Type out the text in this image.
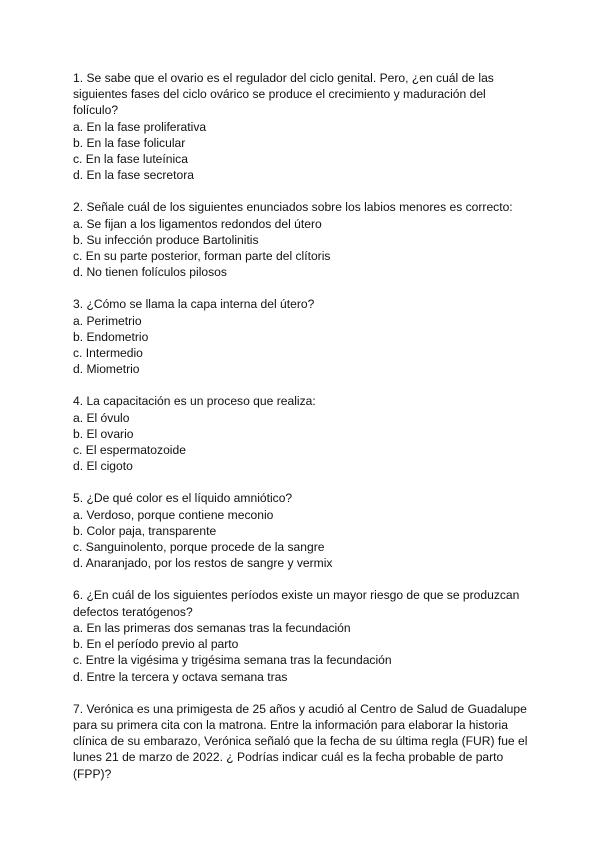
1. Se sabe que el ovario es el regulador del ciclo genital. Pero, ¿en cuál de las siguientes fases del ciclo ovárico se produce el crecimiento y maduración del folículo?

a. En la fase proliferativa
b. En la fase folicular
c. En la fase luteínica
d. En la fase secretora

2. Señale cuál de los siguientes enunciados sobre los labios menores es correcto:

a. Se fijan a los ligamentos redondos del útero
b. Su infección produce Bartolinitis
c. En su parte posterior, forman parte del clítoris
d. No tienen folículos pilosos

3. ¿Cómo se llama la capa interna del útero?

a. Perimetrio
b. Endometrio
c. Intermedio
d. Miometrio

4. La capacitación es un proceso que realiza:

a. El óvulo
b. El ovario
c. El espermatozoide
d. El cigoto

5. ¿De qué color es el líquido amniótico?

a. Verdoso, porque contiene meconio
b. Color paja, transparente
c. Sanguinolento, porque procede de la sangre
d. Anaranjado, por los restos de sangre y vermix

6. ¿En cuál de los siguientes períodos existe un mayor riesgo de que se produzcan defectos teratógenos?

a. En las primeras dos semanas tras la fecundación
b. En el período previo al parto
c. Entre la vigésima y trigésima semana tras la fecundación
d. Entre la tercera y octava semana tras

7. Verónica es una primigesta de 25 años y acudió al Centro de Salud de Guadalupe para su primera cita con la matrona. Entre la información para elaborar la historia clínica de su embarazo, Verónica señaló que la fecha de su última regla (FUR) fue el lunes 21 de marzo de 2022. ¿ Podrías indicar cuál es la fecha probable de parto (FPP)?
